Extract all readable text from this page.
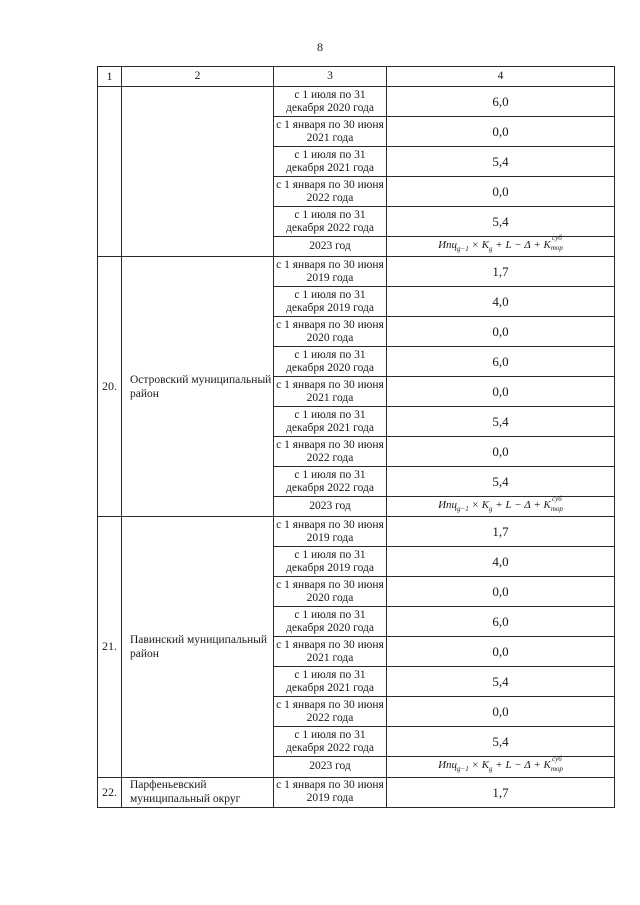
8
1	2	3	4
		с 1 июля по 31 декабря 2020 года	6,0
		с 1 января по 30 июня 2021 года	0,0
		с 1 июля по 31 декабря 2021 года	5,4
		с 1 января по 30 июня 2022 года	0,0
		с 1 июля по 31 декабря 2022 года	5,4
		2023 год	$Ипц_{g-1} \times K_g + L - \Delta + K$
$^{суб}$
тор

20.	Островский муниципальный район	с 1 января по 30 июня 2019 года	1,7
		с 1 июля по 31 декабря 2019 года	4,0
		с 1 января по 30 июня 2020 года	0,0
		с 1 июля по 31 декабря 2020 года	6,0
		с 1 января по 30 июня 2021 года	0,0
		с 1 июля по 31 декабря 2021 года	5,4
		с 1 января по 30 июня 2022 года	0,0
		с 1 июля по 31 декабря 2022 года	5,4
		2023 год	$Ипц_{g-1} \times K_g + L - \Delta + K$
$^{суб}$
тор

21.	Павинский муниципальный район	с 1 января по 30 июня 2019 года	1,7
		с 1 июля по 31 декабря 2019 года	4,0
		с 1 января по 30 июня 2020 года	0,0
		с 1 июля по 31 декабря 2020 года	6,0
		с 1 января по 30 июня 2021 года	0,0
		с 1 июля по 31 декабря 2021 года	5,4
		с 1 января по 30 июня 2022 года	0,0
		с 1 июля по 31 декабря 2022 года	5,4
		2023 год	$Ипц_{g-1} \times K_g + L - \Delta + K$
$^{суб}$
тор

22.	Парфеньевский муниципальный округ	с 1 января по 30 июня 2019 года	1,7
